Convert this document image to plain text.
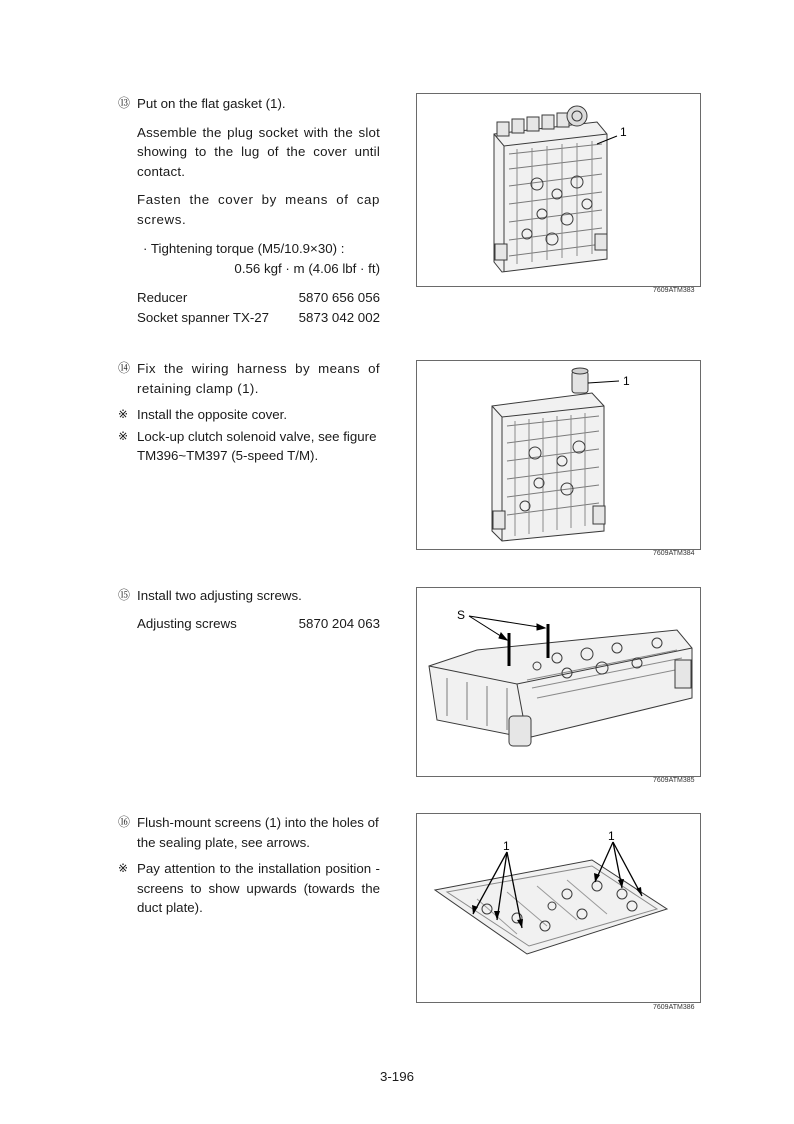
⑬ Put on the flat gasket (1).
Assemble the plug socket with the slot showing to the lug of the cover until contact.
Fasten the cover by means of cap screws.
· Tightening torque (M5/10.9×30) :
0.56 kgf · m (4.06 lbf · ft)
Reducer	5870 656 056
Socket spanner TX-27 5873 042 002
⑭ Fix the wiring harness by means of retaining clamp (1).
※ Install the opposite cover.
※ Lock-up clutch solenoid valve, see figure TM396~TM397 (5-speed T/M).
⑮ Install two adjusting screws.
Adjusting screws	5870 204 063
⑯ Flush-mount screens (1) into the holes of the sealing plate, see arrows.
※ Pay attention to the installation position - screens to show upwards (towards the duct plate).
1
7609ATM383
1
7609ATM384
S
7609ATM385
1
1
7609ATM386
3-196
